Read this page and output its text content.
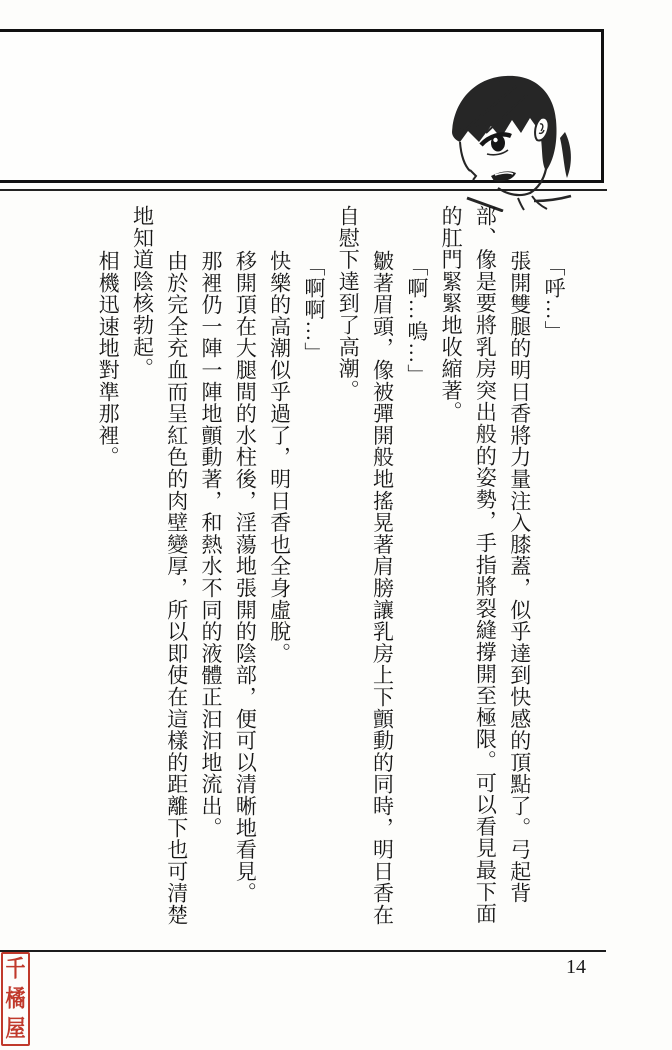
「呼…」
張開雙腿的明日香將力量注入膝蓋，似乎達到快感的頂點了。弓起背
部、像是要將乳房突出般的姿勢，手指將裂縫撐開至極限。可以看見最下面
的肛門緊緊地收縮著。
「啊…嗚…」
皺著眉頭，像被彈開般地搖晃著肩膀讓乳房上下顫動的同時，明日香在
自慰下達到了高潮。
「啊啊…」
快樂的高潮似乎過了，明日香也全身虛脫。
移開頂在大腿間的水柱後，淫蕩地張開的陰部，便可以清晰地看見。
那裡仍一陣一陣地顫動著，和熱水不同的液體正汩汩地流出。
由於完全充血而呈紅色的肉壁變厚，所以即使在這樣的距離下也可清楚
地知道陰核勃起。
相機迅速地對準那裡。
14
千
橘
屋
